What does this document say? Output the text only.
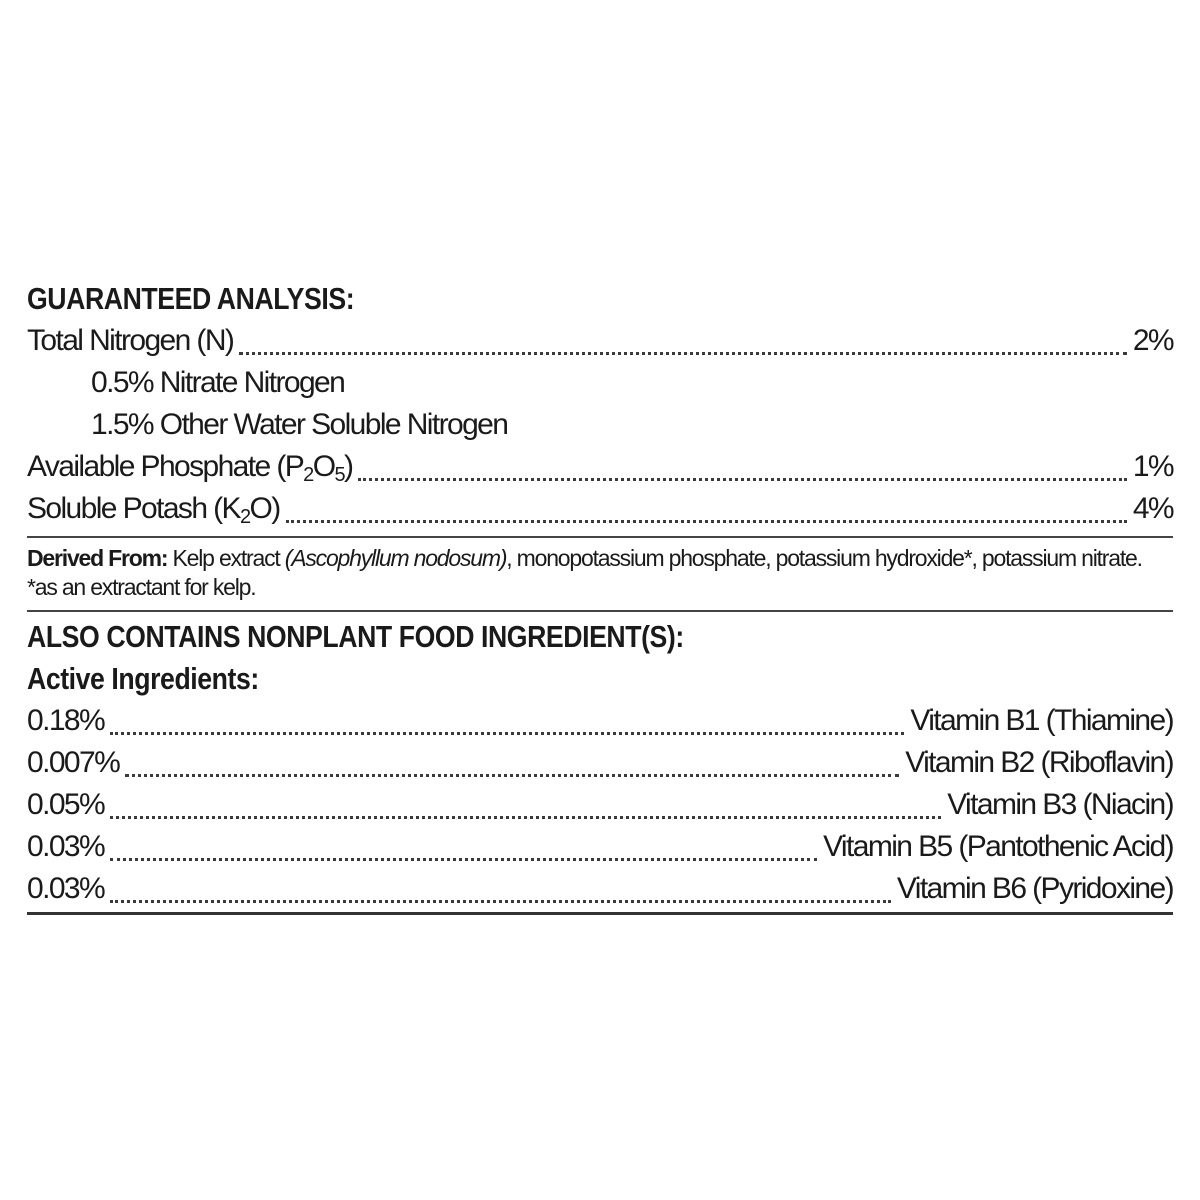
GUARANTEED ANALYSIS:
Total Nitrogen (N)	2%
0.5% Nitrate Nitrogen
1.5% Other Water Soluble Nitrogen
Available Phosphate $(P_2O_5)$	1%
Soluble Potash $(K_2O)$	4%
Derived From: Kelp extract (Ascophyllum nodosum), monopotassium phosphate, potassium hydroxide*, potassium nitrate.
*as an extractant for kelp.
ALSO CONTAINS NONPLANT FOOD INGREDIENT(S):
Active Ingredients:
0.18%	Vitamin B1 (Thiamine)
0.007%	Vitamin B2 (Riboflavin)
0.05%	Vitamin B3 (Niacin)
0.03%	Vitamin B5 (Pantothenic Acid)
0.03%	Vitamin B6 (Pyridoxine)
